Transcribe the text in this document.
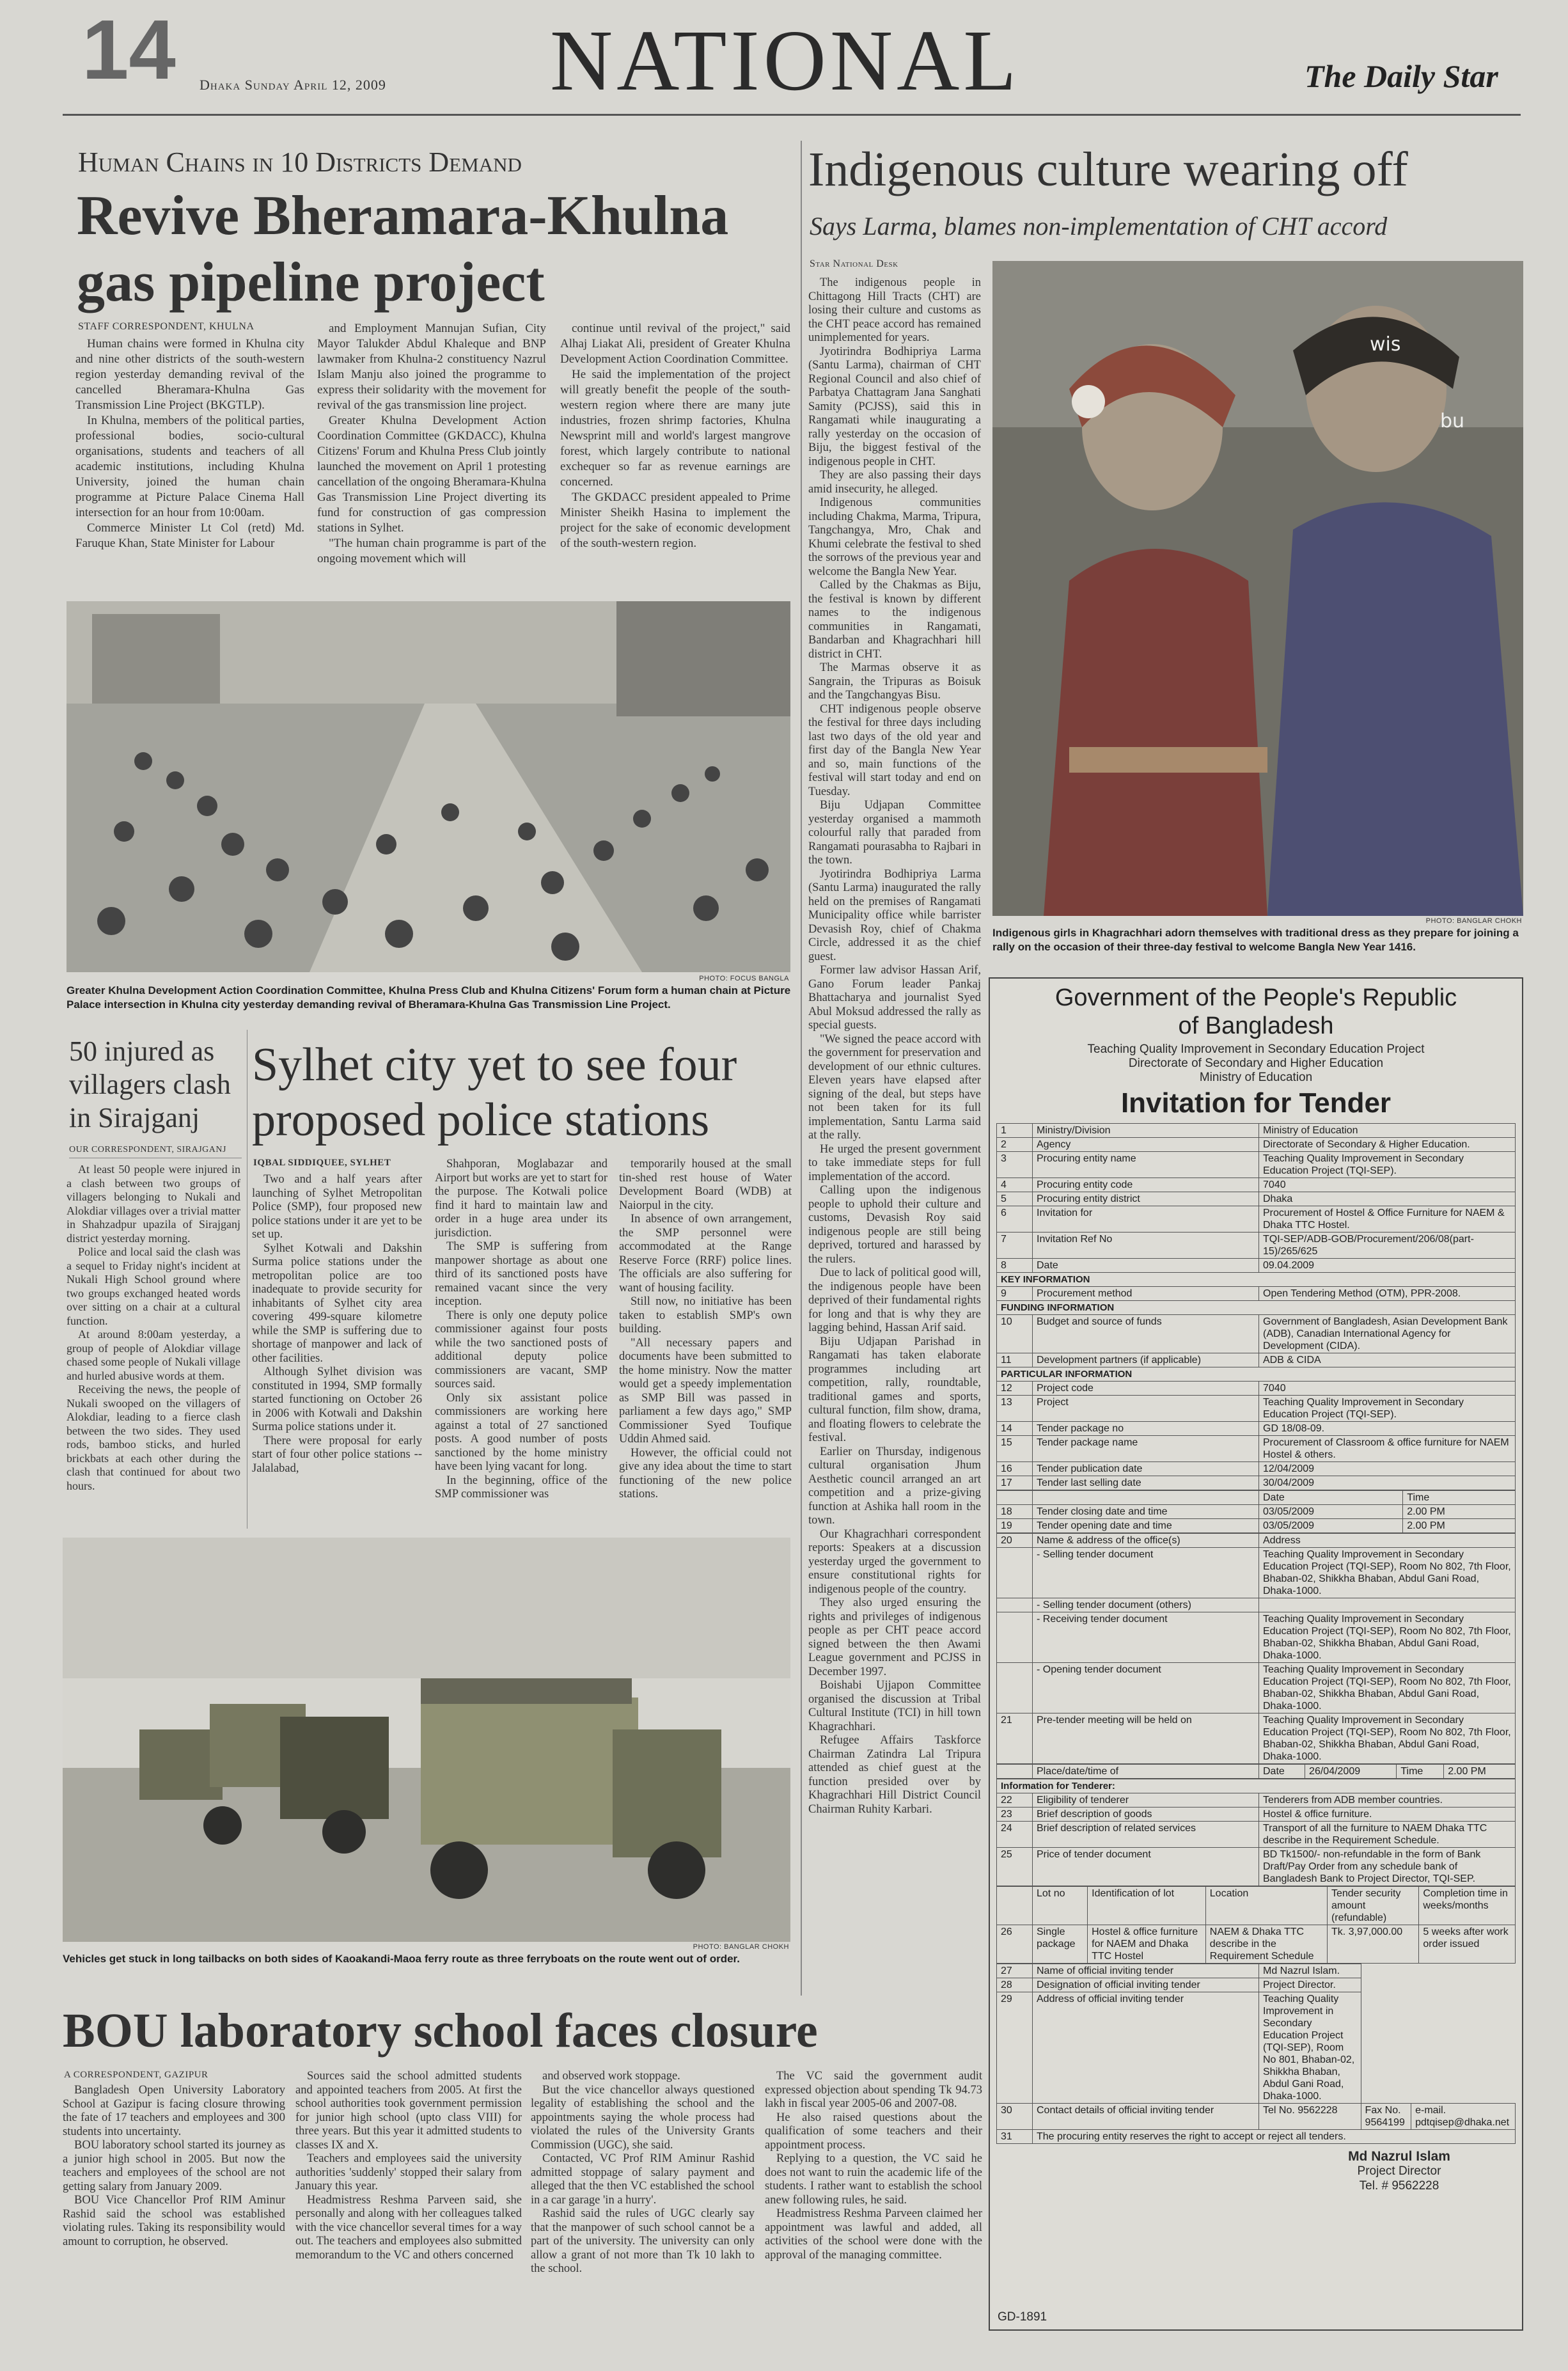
14 Dhaka Sunday April 12, 2009 NATIONAL	The Daily Star
Human Chains in 10 Districts Demand
Revive Bheramara-Khulna gas pipeline project
STAFF CORRESPONDENT, KHULNA

Human chains were formed in Khulna city and nine other districts of the south-western region yesterday demanding revival of the cancelled Bheramara-Khulna Gas Transmission Line Project (BKGTLP).

In Khulna, members of the political parties, professional bodies, socio-cultural organisations, students and teachers of all academic institutions, including Khulna University, joined the human chain programme at Picture Palace Cinema Hall intersection for an hour from 10:00am.

Commerce Minister Lt Col (retd) Md. Faruque Khan, State Minister for Labour

and Employment Mannujan Sufian, City Mayor Talukder Abdul Khaleque and BNP lawmaker from Khulna-2 constituency Nazrul Islam Manju also joined the programme to express their solidarity with the movement for revival of the gas transmission line project.

Greater Khulna Development Action Coordination Committee (GKDACC), Khulna Citizens' Forum and Khulna Press Club jointly launched the movement on April 1 protesting cancellation of the ongoing Bheramara-Khulna Gas Transmission Line Project diverting its fund for construction of gas compression stations in Sylhet.

"The human chain programme is part of the ongoing movement which will

continue until revival of the project," said Alhaj Liakat Ali, president of Greater Khulna Development Action Coordination Committee.

He said the implementation of the project will greatly benefit the people of the south-western region where there are many jute industries, frozen shrimp factories, Khulna Newsprint mill and world's largest mangrove forest, which largely contribute to national exchequer so far as revenue earnings are concerned.

The GKDACC president appealed to Prime Minister Sheikh Hasina to implement the project for the sake of economic development of the south-western region.

PHOTO: FOCUS BANGLA
Greater Khulna Development Action Coordination Committee, Khulna Press Club and Khulna Citizens' Forum form a human chain at Picture Palace intersection in Khulna city yesterday demanding revival of Bheramara-Khulna Gas Transmission Line Project.
Indigenous culture wearing off
Says Larma, blames non-implementation of CHT accord
Star National Desk

The indigenous people in Chittagong Hill Tracts (CHT) are losing their culture and customs as the CHT peace accord has remained unimplemented for years.

Jyotirindra Bodhipriya Larma (Santu Larma), chairman of CHT Regional Council and also chief of Parbatya Chattagram Jana Sanghati Samity (PCJSS), said this in Rangamati while inaugurating a rally yesterday on the occasion of Biju, the biggest festival of the indigenous people in CHT.

They are also passing their days amid insecurity, he alleged.

Indigenous communities including Chakma, Marma, Tripura, Tangchangya, Mro, Chak and Khumi celebrate the festival to shed the sorrows of the previous year and welcome the Bangla New Year.

Called by the Chakmas as Biju, the festival is known by different names to the indigenous communities in Rangamati, Bandarban and Khagrachhari hill district in CHT.

The Marmas observe it as Sangrain, the Tripuras as Boisuk and the Tangchangyas Bisu.

CHT indigenous people observe the festival for three days including last two days of the old year and first day of the Bangla New Year and so, main functions of the festival will start today and end on Tuesday.

Biju Udjapan Committee yesterday organised a mammoth colourful rally that paraded from Rangamati pourasabha to Rajbari in the town.

Jyotirindra Bodhipriya Larma (Santu Larma) inaugurated the rally held on the premises of Rangamati Municipality office while barrister Devasish Roy, chief of Chakma Circle, addressed it as the chief guest.

Former law advisor Hassan Arif, Gano Forum leader Pankaj Bhattacharya and journalist Syed Abul Moksud addressed the rally as special guests.

"We signed the peace accord with the government for preservation and development of our ethnic cultures. Eleven years have elapsed after signing of the deal, but steps have not been taken for its full implementation, Santu Larma said at the rally.

He urged the present government to take immediate steps for full implementation of the accord.

Calling upon the indigenous people to uphold their culture and customs, Devasish Roy said indigenous people are still being deprived, tortured and harassed by the rulers.

Due to lack of political good will, the indigenous people have been deprived of their fundamental rights for long and that is why they are lagging behind, Hassan Arif said.

Biju Udjapan Parishad in Rangamati has taken elaborate programmes including art competition, rally, roundtable, traditional games and sports, cultural function, film show, drama, and floating flowers to celebrate the festival.

Earlier on Thursday, indigenous cultural organisation Jhum Aesthetic council arranged an art competition and a prize-giving function at Ashika hall room in the town.

Our Khagrachhari correspondent reports: Speakers at a discussion yesterday urged the government to ensure constitutional rights for indigenous people of the country.

They also urged ensuring the rights and privileges of indigenous people as per CHT peace accord signed between the then Awami League government and PCJSS in December 1997.

Boishabi Ujjapon Committee organised the discussion at Tribal Cultural Institute (TCI) in hill town Khagrachhari.

Refugee Affairs Taskforce Chairman Zatindra Lal Tripura attended as chief guest at the function presided over by Khagrachhari Hill District Council Chairman Ruhity Karbari.

wis
bu
PHOTO: BANGLAR CHOKH
Indigenous girls in Khagrachhari adorn themselves with traditional dress as they prepare for joining a rally on the occasion of their three-day festival to welcome Bangla New Year 1416.
50 injured as villagers clash in Sirajganj
OUR CORRESPONDENT, SIRAJGANJ

At least 50 people were injured in a clash between two groups of villagers belonging to Nukali and Alokdiar villages over a trivial matter in Shahzadpur upazila of Sirajganj district yesterday morning.

Police and local said the clash was a sequel to Friday night's incident at Nukali High School ground where two groups exchanged heated words over sitting on a chair at a cultural function.

At around 8:00am yesterday, a group of people of Alokdiar village chased some people of Nukali village and hurled abusive words at them.

Receiving the news, the people of Nukali swooped on the villagers of Alokdiar, leading to a fierce clash between the two sides. They used rods, bamboo sticks, and hurled brickbats at each other during the clash that continued for about two hours.

Sylhet city yet to see four proposed police stations
IQBAL SIDDIQUEE, SYLHET

Two and a half years after launching of Sylhet Metropolitan Police (SMP), four proposed new police stations under it are yet to be set up.

Sylhet Kotwali and Dakshin Surma police stations under the metropolitan police are too inadequate to provide security for inhabitants of Sylhet city area covering 499-square kilometre while the SMP is suffering due to shortage of manpower and lack of other facilities.

Although Sylhet division was constituted in 1994, SMP formally started functioning on October 26 in 2006 with Kotwali and Dakshin Surma police stations under it.

There were proposal for early start of four other police stations -- Jalalabad,

Shahporan, Moglabazar and Airport but works are yet to start for the purpose. The Kotwali police find it hard to maintain law and order in a huge area under its jurisdiction.

The SMP is suffering from manpower shortage as about one third of its sanctioned posts have remained vacant since the very inception.

There is only one deputy police commissioner against four posts while the two sanctioned posts of additional deputy police commissioners are vacant, SMP sources said.

Only six assistant police commissioners are working here against a total of 27 sanctioned posts. A good number of posts sanctioned by the home ministry have been lying vacant for long.

In the beginning, office of the SMP commissioner was

temporarily housed at the small tin-shed rest house of Water Development Board (WDB) at Naiorpul in the city.

In absence of own arrangement, the SMP personnel were accommodated at the Range Reserve Force (RRF) police lines. The officials are also suffering for want of housing facility.

Still now, no initiative has been taken to establish SMP's own building.

"All necessary papers and documents have been submitted to the home ministry. Now the matter would get a speedy implementation as SMP Bill was passed in parliament a few days ago," SMP Commissioner Syed Toufique Uddin Ahmed said.

However, the official could not give any idea about the time to start functioning of the new police stations.

PHOTO: BANGLAR CHOKH
Vehicles get stuck in long tailbacks on both sides of Kaoakandi-Maoa ferry route as three ferryboats on the route went out of order.
BOU laboratory school faces closure
A CORRESPONDENT, GAZIPUR

Bangladesh Open University Laboratory School at Gazipur is facing closure throwing the fate of 17 teachers and employees and 300 students into uncertainty.

BOU laboratory school started its journey as a junior high school in 2005. But now the teachers and employees of the school are not getting salary from January 2009.

BOU Vice Chancellor Prof RIM Aminur Rashid said the school was established violating rules. Taking its responsibility would amount to corruption, he observed.

Sources said the school admitted students and appointed teachers from 2005. At first the school authorities took government permission for junior high school (upto class VIII) for three years. But this year it admitted students to classes IX and X.

Teachers and employees said the university authorities 'suddenly' stopped their salary from January this year.

Headmistress Reshma Parveen said, she personally and along with her colleagues talked with the vice chancellor several times for a way out. The teachers and employees also submitted memorandum to the VC and others concerned

and observed work stoppage.

But the vice chancellor always questioned legality of establishing the school and the appointments saying the whole process had violated the rules of the University Grants Commission (UGC), she said.

Contacted, VC Prof RIM Aminur Rashid admitted stoppage of salary payment and alleged that the then VC established the school in a car garage 'in a hurry'.

Rashid said the rules of UGC clearly say that the manpower of such school cannot be a part of the university. The university can only allow a grant of not more than Tk 10 lakh to the school.

The VC said the government audit expressed objection about spending Tk 94.73 lakh in fiscal year 2005-06 and 2007-08.

He also raised questions about the qualification of some teachers and their appointment process.

Replying to a question, the VC said he does not want to ruin the academic life of the students. I rather want to establish the school anew following rules, he said.

Headmistress Reshma Parveen claimed her appointment was lawful and added, all activities of the school were done with the approval of the managing committee.

Government of the People's Republic of Bangladesh
Teaching Quality Improvement in Secondary Education Project
Directorate of Secondary and Higher Education
Ministry of Education
Invitation for Tender
1	Ministry/Division	Ministry of Education
2	Agency	Directorate of Secondary & Higher Education.
3	Procuring entity name	Teaching Quality Improvement in Secondary Education Project (TQI-SEP).
4	Procuring entity code	7040
5	Procuring entity district	Dhaka
6	Invitation for	Procurement of Hostel & Office Furniture for NAEM & Dhaka TTC Hostel.
7	Invitation Ref No	TQI-SEP/ADB-GOB/Procurement/206/08(part-15)/265/625
8	Date	09.04.2009
KEY INFORMATION		
9	Procurement method	Open Tendering Method (OTM), PPR-2008.
FUNDING INFORMATION		
10	Budget and source of funds	Government of Bangladesh, Asian Development Bank (ADB), Canadian International Agency for Development (CIDA).
11	Development partners (if applicable)	ADB & CIDA
PARTICULAR INFORMATION		
12	Project code	7040
13	Project	Teaching Quality Improvement in Secondary Education Project (TQI-SEP).
14	Tender package no	GD 18/08-09.
15	Tender package name	Procurement of Classroom & office furniture for NAEM Hostel & others.
16	Tender publication date	12/04/2009
17	Tender last selling date	30/04/2009
		Date	Time
18	Tender closing date and time	03/05/2009	2.00 PM
19	Tender opening date and time	03/05/2009	2.00 PM
20	Name & address of the office(s)	Address
	- Selling tender document	Teaching Quality Improvement in Secondary Education Project (TQI-SEP), Room No 802, 7th Floor, Bhaban-02, Shikkha Bhaban, Abdul Gani Road, Dhaka-1000.
	- Selling tender document (others)	
	- Receiving tender document	Teaching Quality Improvement in Secondary Education Project (TQI-SEP), Room No 802, 7th Floor, Bhaban-02, Shikkha Bhaban, Abdul Gani Road, Dhaka-1000.
	- Opening tender document	Teaching Quality Improvement in Secondary Education Project (TQI-SEP), Room No 802, 7th Floor, Bhaban-02, Shikkha Bhaban, Abdul Gani Road, Dhaka-1000.
21	Pre-tender meeting will be held on	Teaching Quality Improvement in Secondary Education Project (TQI-SEP), Room No 802, 7th Floor, Bhaban-02, Shikkha Bhaban, Abdul Gani Road, Dhaka-1000.
	Place/date/time of	Date	26/04/2009	Time	2.00 PM
Information for Tenderer:		
22	Eligibility of tenderer	Tenderers from ADB member countries.
23	Brief description of goods	Hostel & office furniture.
24	Brief description of related services	Transport of all the furniture to NAEM Dhaka TTC describe in the Requirement Schedule.
25	Price of tender document	BD Tk1500/- non-refundable in the form of Bank Draft/Pay Order from any schedule bank of Bangladesh Bank to Project Director, TQI-SEP.
	Lot no	Identification of lot	Location	Tender security amount (refundable)	Completion time in weeks/months
26	Single package	Hostel & office furniture for NAEM and Dhaka TTC Hostel	NAEM & Dhaka TTC describe in the Requirement Schedule	Tk. 3,97,000.00	5 weeks after work order issued
27	Name of official inviting tender	Md Nazrul Islam.		
28	Designation of official inviting tender	Project Director.		
29	Address of official inviting tender	Teaching Quality Improvement in Secondary Education Project (TQI-SEP), Room No 801, Bhaban-02, Shikkha Bhaban, Abdul Gani Road, Dhaka-1000.		
30	Contact details of official inviting tender	Tel No. 9562228	Fax No. 9564199	e-mail. pdtqisep@dhaka.net
31	The procuring entity reserves the right to accept or reject all tenders.			
Md Nazrul Islam
Project Director
Tel. # 9562228
GD-1891
